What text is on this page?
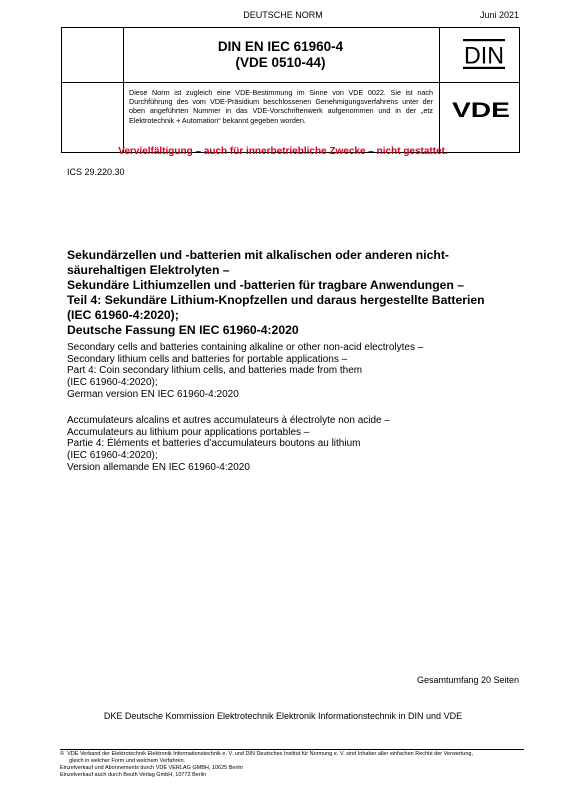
DEUTSCHE NORM	Juni 2021
DIN EN IEC 61960-4
(VDE 0510-44)	DIN
Diese Norm ist zugleich eine VDE-Bestimmung im Sinne von VDE 0022. Sie ist nach Durchführung des vom VDE-Präsidium beschlossenen Genehmigungsverfahrens unter der oben angeführten Nummer in das VDE-Vorschriftenwerk aufgenommen und in der „etz Elektrotechnik + Automation“ bekannt gegeben worden.	VDE
Vervielfältigung – auch für innerbetriebliche Zwecke – nicht gestattet.
ICS 29.220.30
Sekundärzellen und -batterien mit alkalischen oder anderen nicht-
säurehaltigen Elektrolyten –
Sekundäre Lithiumzellen und -batterien für tragbare Anwendungen –
Teil 4: Sekundäre Lithium-Knopfzellen und daraus hergestellte Batterien
(IEC 61960-4:2020);
Deutsche Fassung EN IEC 61960-4:2020
Secondary cells and batteries containing alkaline or other non-acid electrolytes –
Secondary lithium cells and batteries for portable applications –
Part 4: Coin secondary lithium cells, and batteries made from them
(IEC 61960-4:2020);
German version EN IEC 61960-4:2020
Accumulateurs alcalins et autres accumulateurs à électrolyte non acide –
Accumulateurs au lithium pour applications portables –
Partie 4: Éléments et batteries d’accumulateurs boutons au lithium
(IEC 61960-4:2020);
Version allemande EN IEC 61960-4:2020
Gesamtumfang 20 Seiten
DKE Deutsche Kommission Elektrotechnik Elektronik Informationstechnik in DIN und VDE
©  VDE Verband der Elektrotechnik Elektronik Informationstechnik e. V. und DIN Deutsches Institut für Normung e. V. sind Inhaber aller einfachen Rechte der Verwertung,
gleich in welcher Form und welchem Verfahren.
Einzelverkauf und Abonnements durch VDE VERLAG GMBH, 10625 Berlin
Einzelverkauf auch durch Beuth Verlag GmbH, 10772 Berlin
